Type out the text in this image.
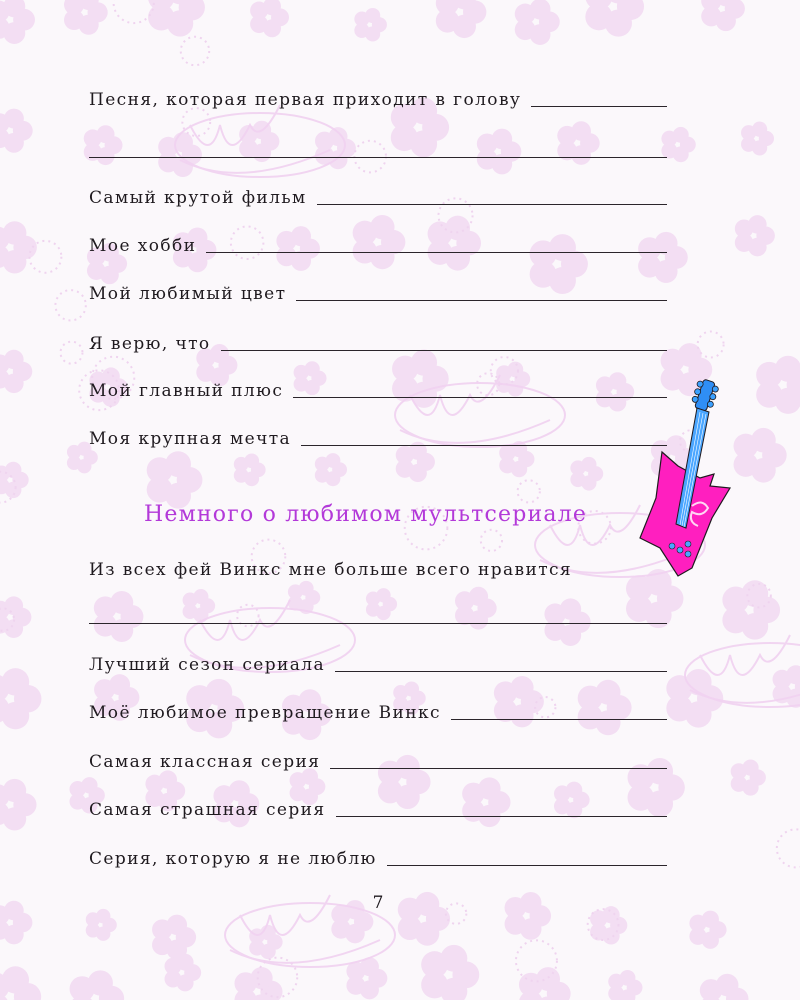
Песня, которая первая приходит в голову
Самый крутой фильм
Мое хобби
Мой любимый цвет
Я верю, что
Мой главный плюс
Моя крупная мечта
Немного о любимом мультсериале
Из всех фей Винкс мне больше всего нравится
Лучший сезон сериала
Моё любимое превращение Винкс
Самая классная серия
Самая страшная серия
Серия, которую я не люблю
7
